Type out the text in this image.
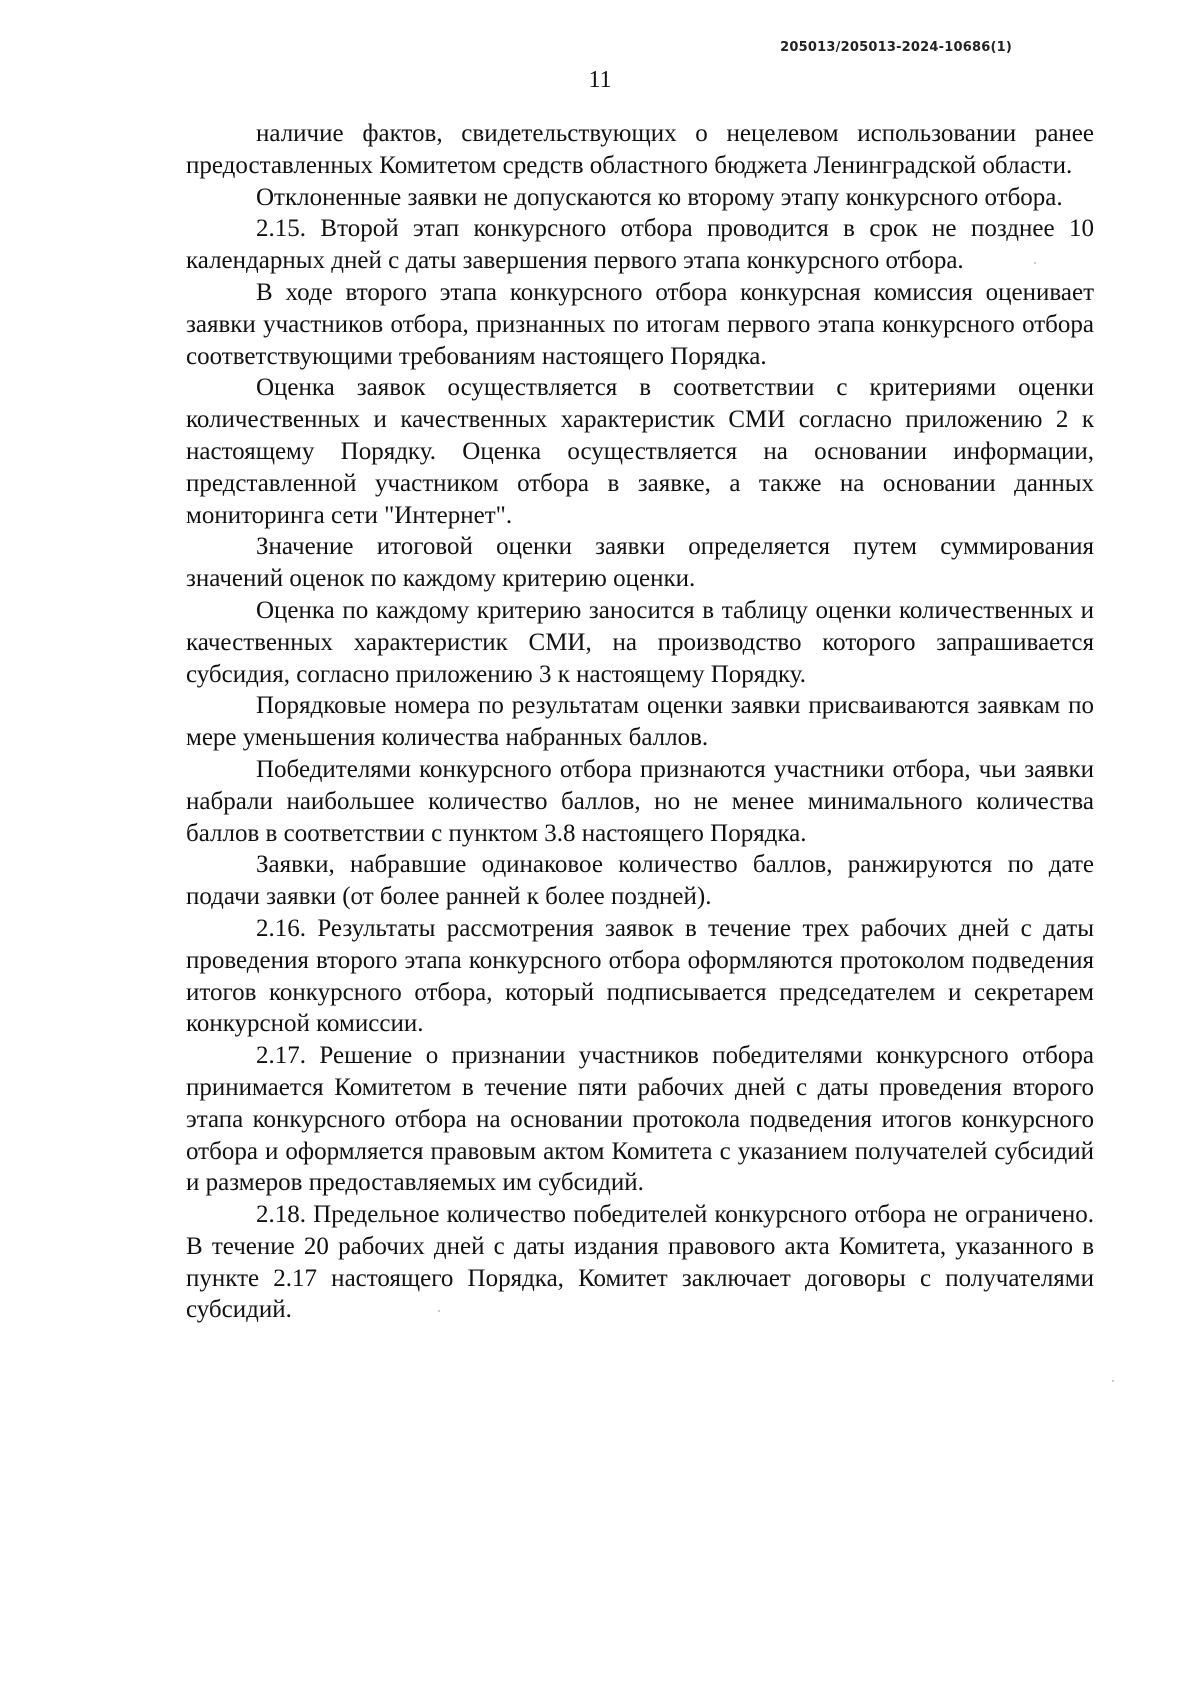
205013/205013-2024-10686(1)
11

наличие фактов, свидетельствующих о нецелевом использовании ранее предоставленных Комитетом средств областного бюджета Ленинградской области.

Отклоненные заявки не допускаются ко второму этапу конкурсного отбора.

2.15. Второй этап конкурсного отбора проводится в срок не позднее 10 календарных дней с даты завершения первого этапа конкурсного отбора.

В ходе второго этапа конкурсного отбора конкурсная комиссия оценивает заявки участников отбора, признанных по итогам первого этапа конкурсного отбора соответствующими требованиям настоящего Порядка.

Оценка заявок осуществляется в соответствии с критериями оценки количественных и качественных характеристик СМИ согласно приложению 2 к настоящему Порядку. Оценка осуществляется на основании информации, представленной участником отбора в заявке, а также на основании данных мониторинга сети "Интернет".

Значение итоговой оценки заявки определяется путем суммирования значений оценок по каждому критерию оценки.

Оценка по каждому критерию заносится в таблицу оценки количественных и качественных характеристик СМИ, на производство которого запрашивается субсидия, согласно приложению 3 к настоящему Порядку.

Порядковые номера по результатам оценки заявки присваиваются заявкам по мере уменьшения количества набранных баллов.

Победителями конкурсного отбора признаются участники отбора, чьи заявки набрали наибольшее количество баллов, но не менее минимального количества баллов в соответствии с пунктом 3.8 настоящего Порядка.

Заявки, набравшие одинаковое количество баллов, ранжируются по дате подачи заявки (от более ранней к более поздней).

2.16. Результаты рассмотрения заявок в течение трех рабочих дней с даты проведения второго этапа конкурсного отбора оформляются протоколом подведения итогов конкурсного отбора, который подписывается председателем и секретарем конкурсной комиссии.

2.17. Решение о признании участников победителями конкурсного отбора принимается Комитетом в течение пяти рабочих дней с даты проведения второго этапа конкурсного отбора на основании протокола подведения итогов конкурсного отбора и оформляется правовым актом Комитета с указанием получателей субсидий и размеров предоставляемых им субсидий.

2.18. Предельное количество победителей конкурсного отбора не ограничено. В течение 20 рабочих дней с даты издания правового акта Комитета, указанного в пункте 2.17 настоящего Порядка, Комитет заключает договоры с получателями субсидий.
